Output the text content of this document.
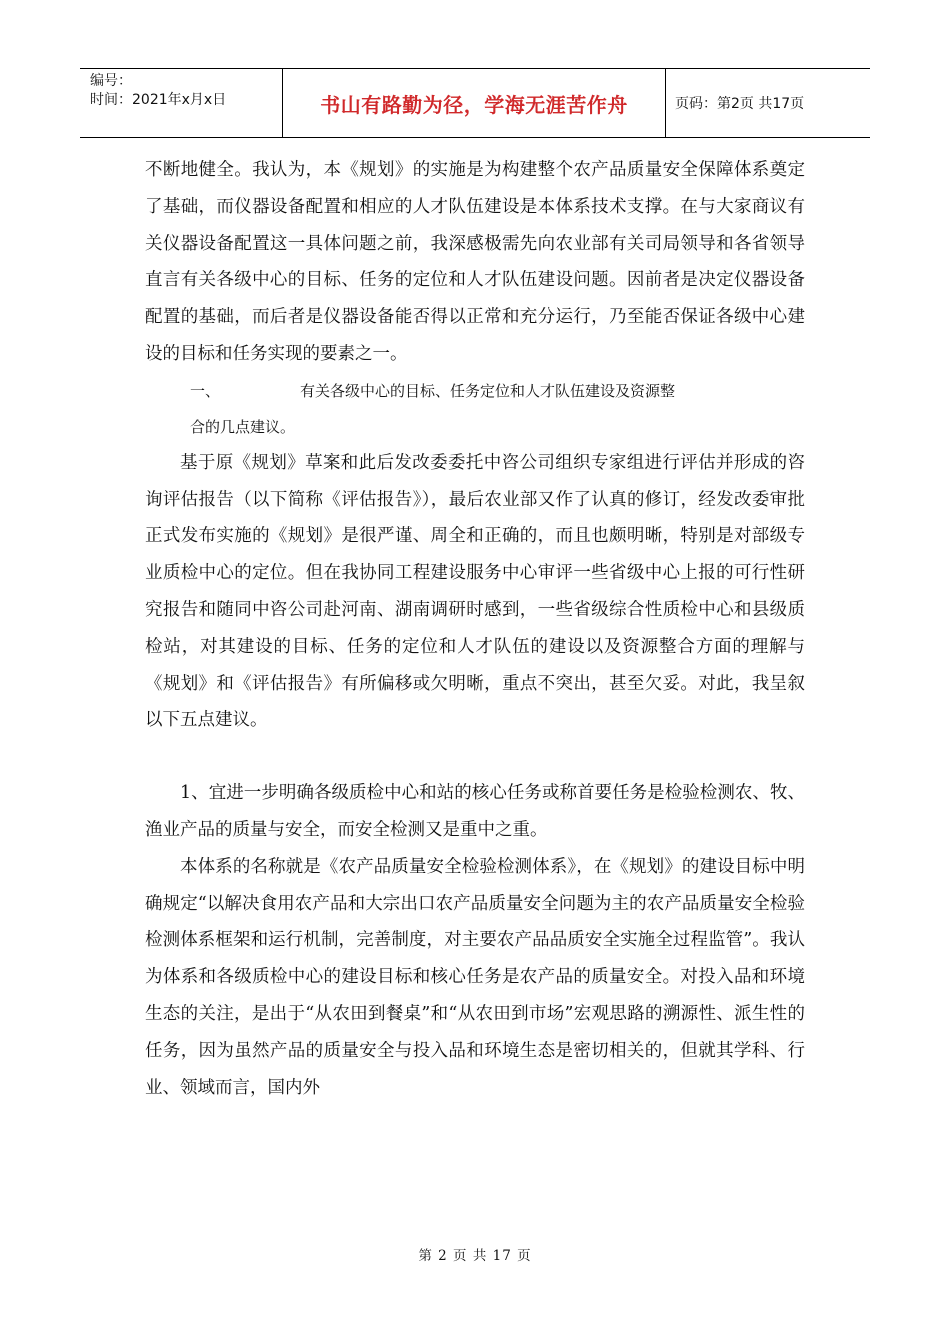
编号：
时间：2021年x月x日	书山有路勤为径，学海无涯苦作舟	页码：第2页 共17页

不断地健全。我认为，本《规划》的实施是为构建整个农产品质量安全保障体系奠定了基础，而仪器设备配置和相应的人才队伍建设是本体系技术支撑。在与大家商议有关仪器设备配置这一具体问题之前，我深感极需先向农业部有关司局领导和各省领导直言有关各级中心的目标、任务的定位和人才队伍建设问题。因前者是决定仪器设备配置的基础，而后者是仪器设备能否得以正常和充分运行，乃至能否保证各级中心建设的目标和任务实现的要素之一。

一、	有关各级中心的目标、任务定位和人才队伍建设及资源整

合的几点建议。

基于原《规划》草案和此后发改委委托中咨公司组织专家组进行评估并形成的咨询评估报告（以下简称《评估报告》），最后农业部又作了认真的修订，经发改委审批正式发布实施的《规划》是很严谨、周全和正确的，而且也颇明晰，特别是对部级专业质检中心的定位。但在我协同工程建设服务中心审评一些省级中心上报的可行性研究报告和随同中咨公司赴河南、湖南调研时感到，一些省级综合性质检中心和县级质检站，对其建设的目标、任务的定位和人才队伍的建设以及资源整合方面的理解与《规划》和《评估报告》有所偏移或欠明晰，重点不突出，甚至欠妥。对此，我呈叙以下五点建议。

1、宜进一步明确各级质检中心和站的核心任务或称首要任务是检验检测农、牧、渔业产品的质量与安全，而安全检测又是重中之重。

本体系的名称就是《农产品质量安全检验检测体系》，在《规划》的建设目标中明确规定“以解决食用农产品和大宗出口农产品质量安全问题为主的农产品质量安全检验检测体系框架和运行机制，完善制度，对主要农产品品质安全实施全过程监管”。我认为体系和各级质检中心的建设目标和核心任务是农产品的质量安全。对投入品和环境生态的关注，是出于“从农田到餐桌”和“从农田到市场”宏观思路的溯源性、派生性的任务，因为虽然产品的质量安全与投入品和环境生态是密切相关的，但就其学科、行业、领域而言，国内外

第 2 页 共 17 页
